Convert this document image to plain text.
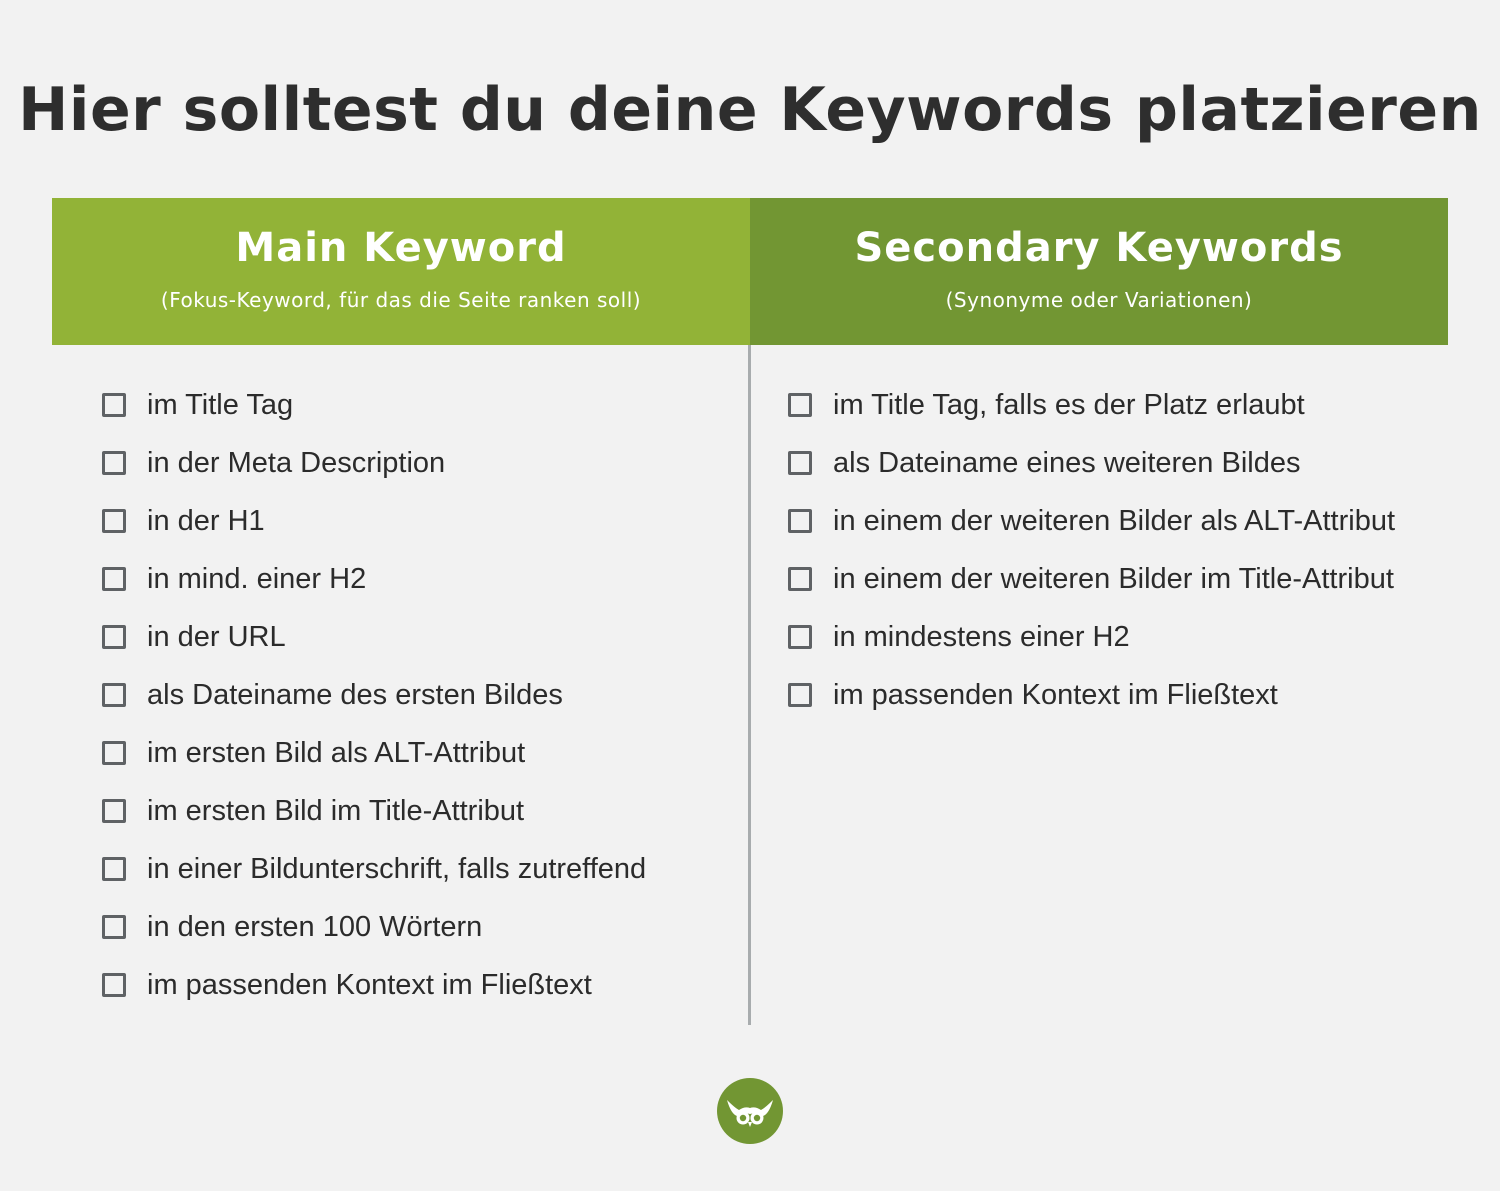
Hier solltest du deine Keywords platzieren
Main Keyword
(Fokus-Keyword, für das die Seite ranken soll)
Secondary Keywords
(Synonyme oder Variationen)
im Title Tag
in der Meta Description
in der H1
in mind. einer H2
in der URL
als Dateiname des ersten Bildes
im ersten Bild als ALT-Attribut
im ersten Bild im Title-Attribut
in einer Bildunterschrift, falls zutreffend
in den ersten 100 Wörtern
im passenden Kontext im Fließtext
im Title Tag, falls es der Platz erlaubt
als Dateiname eines weiteren Bildes
in einem der weiteren Bilder als ALT-Attribut
in einem der weiteren Bilder im Title-Attribut
in mindestens einer H2
im passenden Kontext im Fließtext
